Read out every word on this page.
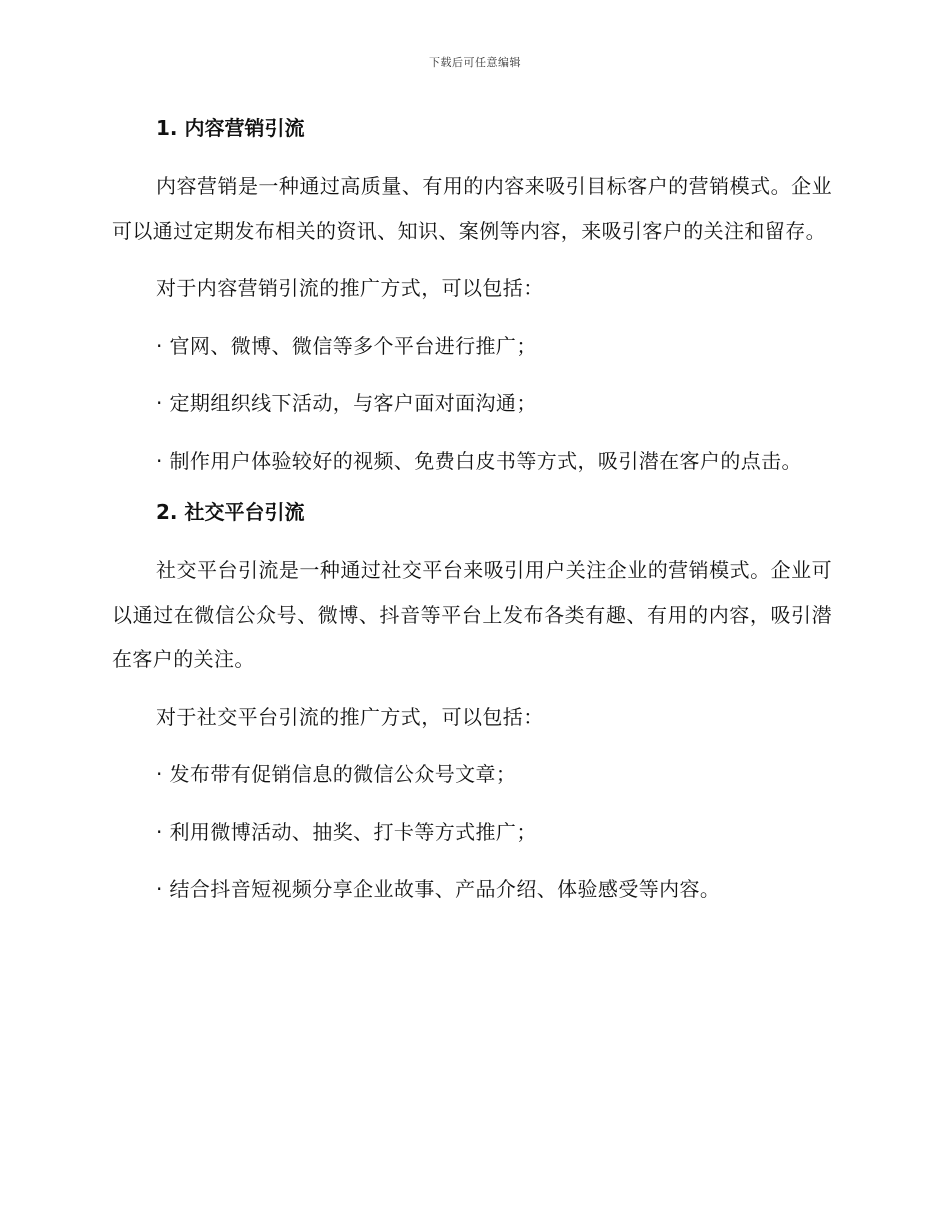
下载后可任意编辑
1. 内容营销引流

内容营销是一种通过高质量、有用的内容来吸引目标客户的营销模式。企业可以通过定期发布相关的资讯、知识、案例等内容，来吸引客户的关注和留存。

对于内容营销引流的推广方式，可以包括：

· 官网、微博、微信等多个平台进行推广；

· 定期组织线下活动，与客户面对面沟通；

· 制作用户体验较好的视频、免费白皮书等方式，吸引潜在客户的点击。

2. 社交平台引流

社交平台引流是一种通过社交平台来吸引用户关注企业的营销模式。企业可以通过在微信公众号、微博、抖音等平台上发布各类有趣、有用的内容，吸引潜在客户的关注。

对于社交平台引流的推广方式，可以包括：

· 发布带有促销信息的微信公众号文章；

· 利用微博活动、抽奖、打卡等方式推广；

· 结合抖音短视频分享企业故事、产品介绍、体验感受等内容。
